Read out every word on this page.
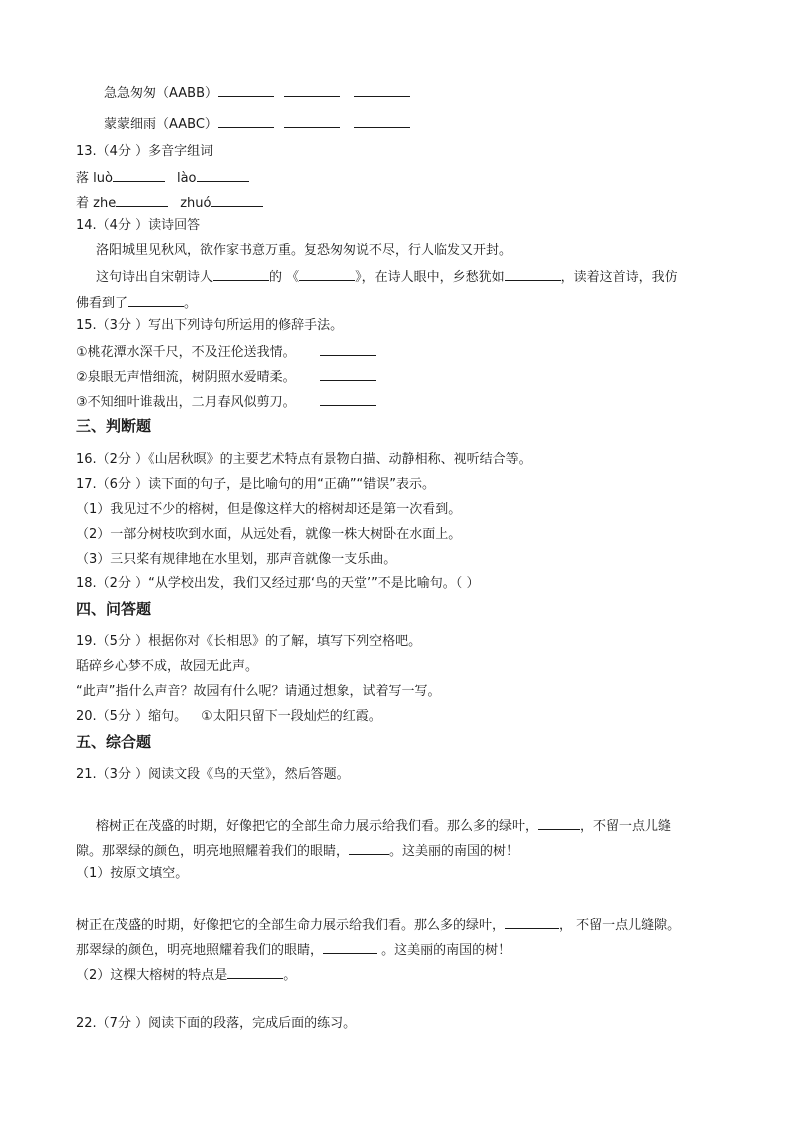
急急匆匆（AABB）
蒙蒙细雨（AABC）
13.（4分 ）多音字组词
落 luò	lào
着 zhe	zhuó
14.（4分 ）读诗回答
洛阳城里见秋风，欲作家书意万重。复恐匆匆说不尽，行人临发又开封。
这句诗出自宋朝诗人	的 《	》，在诗人眼中，乡愁犹如	，读着这首诗，我仿
佛看到了	。
15.（3分 ）写出下列诗句所运用的修辞手法。
①桃花潭水深千尺，不及汪伦送我情。
②泉眼无声惜细流，树阴照水爱晴柔。
③不知细叶谁裁出，二月春风似剪刀。
三、判断题
16.（2分 ）《山居秋暝》的主要艺术特点有景物白描、动静相称、视听结合等。
17.（6分 ）读下面的句子，是比喻句的用“正确”“错误”表示。
（1）我见过不少的榕树，但是像这样大的榕树却还是第一次看到。
（2）一部分树枝吹到水面，从远处看，就像一株大树卧在水面上。
（3）三只桨有规律地在水里划，那声音就像一支乐曲。
18.（2分 ）“从学校出发，我们又经过那‘鸟的天堂’”不是比喻句。（ ）
四、问答题
19.（5分 ）根据你对《长相思》的了解，填写下列空格吧。
聒碎乡心梦不成，故园无此声。
“此声”指什么声音？故园有什么呢？请通过想象，试着写一写。
20.（5分 ）缩句。 ①太阳只留下一段灿烂的红霞。
五、综合题
21.（3分 ）阅读文段《鸟的天堂》，然后答题。
榕树正在茂盛的时期，好像把它的全部生命力展示给我们看。那么多的绿叶，	，不留一点儿缝
隙。那翠绿的颜色，明亮地照耀着我们的眼睛，	。这美丽的南国的树！
（1）按原文填空。
树正在茂盛的时期，好像把它的全部生命力展示给我们看。那么多的绿叶，	， 不留一点儿缝隙。
那翠绿的颜色，明亮地照耀着我们的眼睛，	。这美丽的南国的树！
（2）这棵大榕树的特点是	。
22.（7分 ）阅读下面的段落，完成后面的练习。
